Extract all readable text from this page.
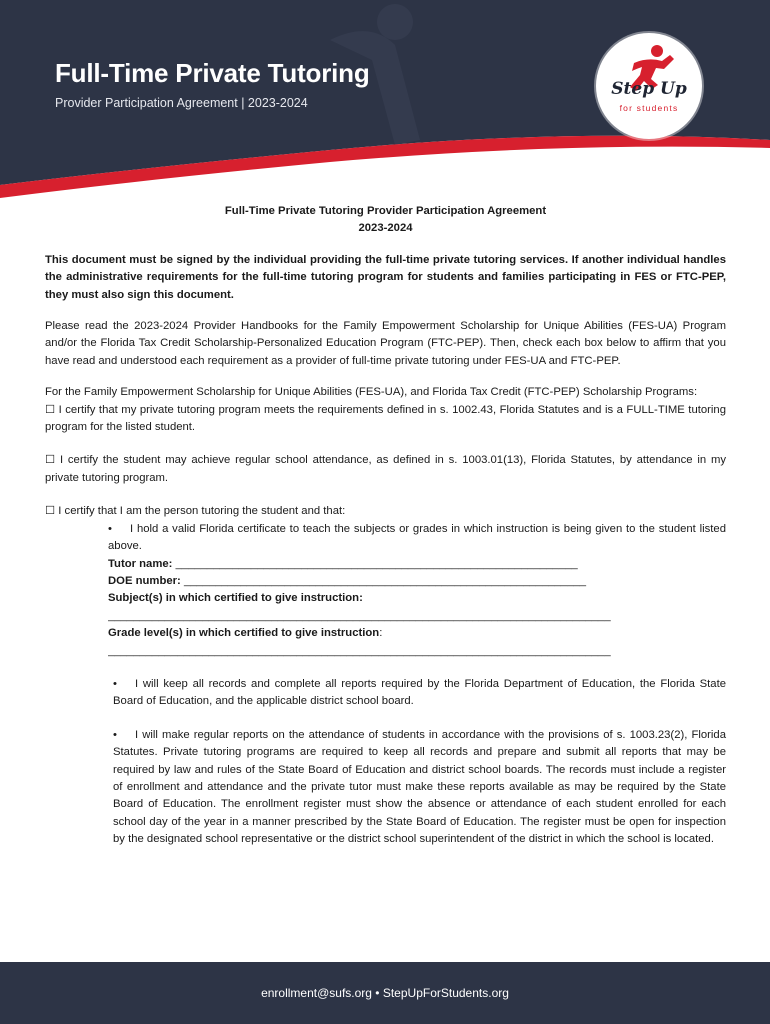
Full-Time Private Tutoring
Provider Participation Agreement | 2023-2024
Step Up
for students
Full-Time Private Tutoring Provider Participation Agreement
2023-2024

This document must be signed by the individual providing the full-time private tutoring services. If another individual handles the administrative requirements for the full-time tutoring program for students and families participating in FES or FTC-PEP, they must also sign this document.

Please read the 2023-2024 Provider Handbooks for the Family Empowerment Scholarship for Unique Abilities (FES-UA) Program and/or the Florida Tax Credit Scholarship-Personalized Education Program (FTC-PEP). Then, check each box below to affirm that you have read and understood each requirement as a provider of full-time private tutoring under FES-UA and FTC-PEP.

For the Family Empowerment Scholarship for Unique Abilities (FES-UA), and Florida Tax Credit (FTC-PEP) Scholarship Programs:

☐ I certify that my private tutoring program meets the requirements defined in s. 1002.43, Florida Statutes and is a FULL-TIME tutoring program for the listed student.

☐ I certify the student may achieve regular school attendance, as defined in s. 1003.01(13), Florida Statutes, by attendance in my private tutoring program.

☐ I certify that I am the person tutoring the student and that:

• I hold a valid Florida certificate to teach the subjects or grades in which instruction is being given to the student listed above.

Tutor name: ________________________________________________________________
DOE number: ________________________________________________________________
Subject(s) in which certified to give instruction:
________________________________________________________________________________
Grade level(s) in which certified to give instruction:
________________________________________________________________________________

• I will keep all records and complete all reports required by the Florida Department of Education, the Florida State Board of Education, and the applicable district school board.

• I will make regular reports on the attendance of students in accordance with the provisions of s. 1003.23(2), Florida Statutes. Private tutoring programs are required to keep all records and prepare and submit all reports that may be required by law and rules of the State Board of Education and district school boards. The records must include a register of enrollment and attendance and the private tutor must make these reports available as may be required by the State Board of Education. The enrollment register must show the absence or attendance of each student enrolled for each school day of the year in a manner prescribed by the State Board of Education. The register must be open for inspection by the designated school representative or the district school superintendent of the district in which the school is located.

enrollment@sufs.org • StepUpForStudents.org
